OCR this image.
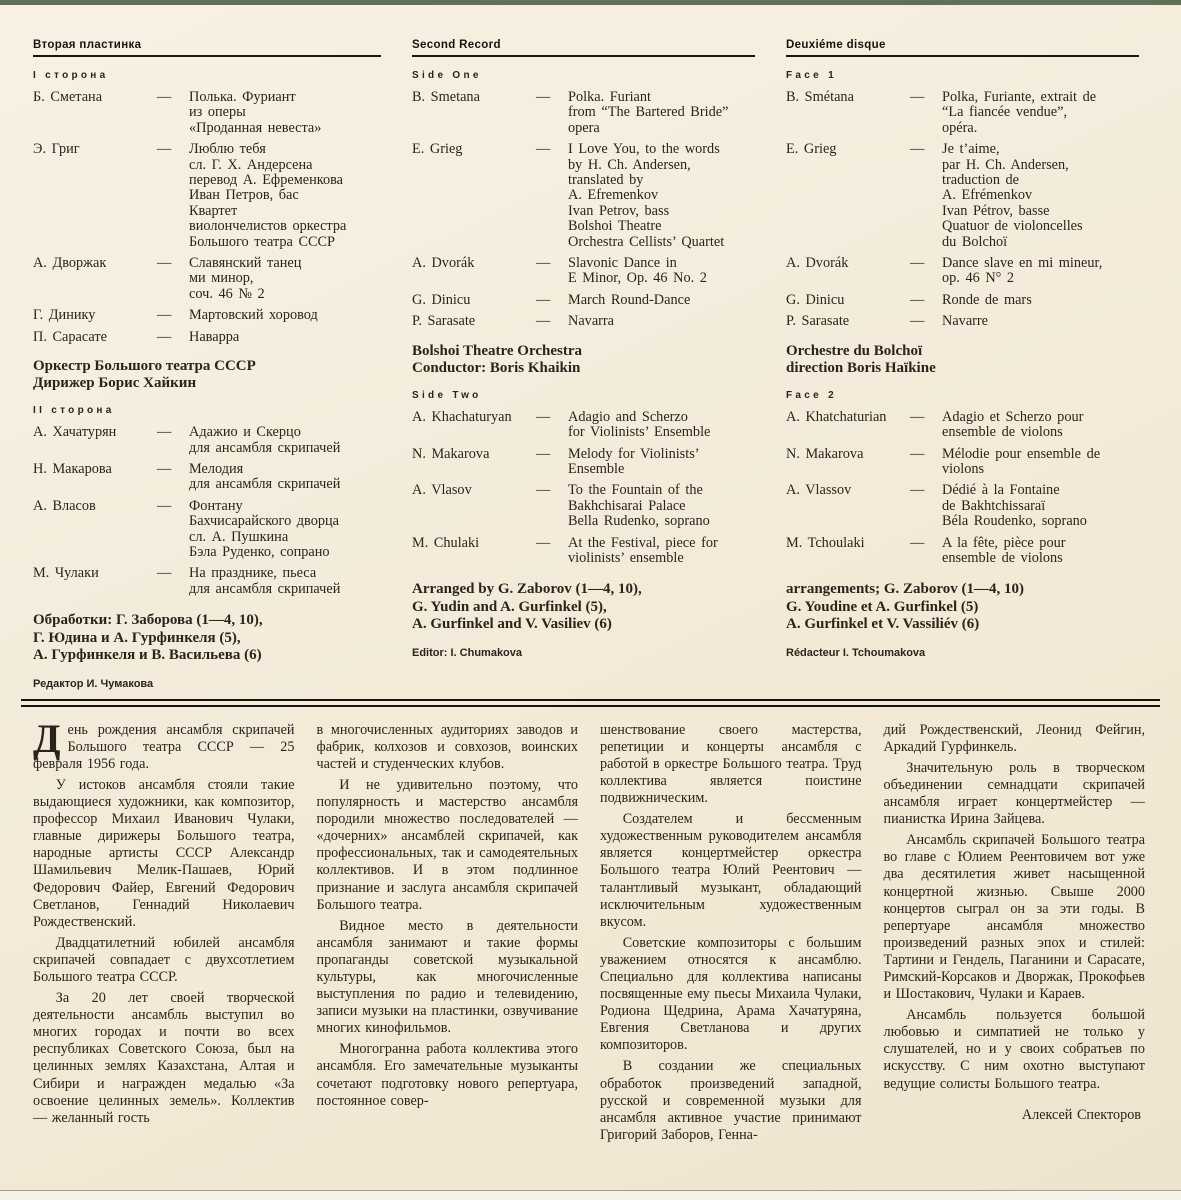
Вторая пластинка
I сторона
Б. Сметана	—	Полька. Фуриант
из оперы
«Проданная невеста»
Э. Григ	—	Люблю тебя
сл. Г. Х. Андерсена
перевод А. Ефременкова
Иван Петров, бас
Квартет
виолончелистов оркестра
Большого театра СССР
А. Дворжак	—	Славянский танец
ми минор,
соч. 46 № 2
Г. Динику	—	Мартовский хоровод
П. Сарасате	—	Наварра
Оркестр Большого театра СССР
Дирижер Борис Хайкин
II сторона
А. Хачатурян	—	Адажио и Скерцо
для ансамбля скрипачей
Н. Макарова	—	Мелодия
для ансамбля скрипачей
А. Власов	—	Фонтану
Бахчисарайского дворца
сл. А. Пушкина
Бэла Руденко, сопрано
М. Чулаки	—	На празднике, пьеса
для ансамбля скрипачей
Обработки: Г. Заборова (1—4, 10),
Г. Юдина и А. Гурфинкеля (5),
А. Гурфинкеля и В. Васильева (6)
Редактор И. Чумакова
Second Record
Side One
B. Smetana	—	Polka. Furiant
from “The Bartered Bride”
opera
E. Grieg	—	I Love You, to the words
by H. Ch. Andersen,
translated by
A. Efremenkov
Ivan Petrov, bass
Bolshoi Theatre
Orchestra Cellists’ Quartet
A. Dvorák	—	Slavonic Dance in
E Minor, Op. 46 No. 2
G. Dinicu	—	March Round-Dance
P. Sarasate	—	Navarra
Bolshoi Theatre Orchestra
Conductor: Boris Khaikin
Side Two
A. Khachaturyan	—	Adagio and Scherzo
for Violinists’ Ensemble
N. Makarova	—	Melody for Violinists’
Ensemble
A. Vlasov	—	To the Fountain of the
Bakhchisarai Palace
Bella Rudenko, soprano
M. Chulaki	—	At the Festival, piece for
violinists’ ensemble
Arranged by G. Zaborov (1—4, 10),
G. Yudin and A. Gurfinkel (5),
A. Gurfinkel and V. Vasiliev (6)
Editor: I. Chumakova
Deuxiéme disque
Face 1
B. Smétana	—	Polka, Furiante, extrait de
“La fiancée vendue”,
opéra.
E. Grieg	—	Je t’aime,
par H. Ch. Andersen,
traduction de
A. Efrémenkov
Ivan Pétrov, basse
Quatuor de violoncelles
du Bolchoï
A. Dvorák	—	Dance slave en mi mineur,
op. 46 N° 2
G. Dinicu	—	Ronde de mars
P. Sarasate	—	Navarre
Orchestre du Bolchoï
direction Boris Haïkine
Face 2
A. Khatchaturian	—	Adagio et Scherzo pour
ensemble de violons
N. Makarova	—	Mélodie pour ensemble de
violons
A. Vlassov	—	Dédié à la Fontaine
de Bakhtchissaraï
Béla Roudenko, soprano
M. Tchoulaki	—	A la fête, pièce pour
ensemble de violons
arrangements; G. Zaborov (1—4, 10)
G. Youdine et A. Gurfinkel (5)
A. Gurfinkel et V. Vassiliév (6)
Rédacteur I. Tchoumakova

День рождения ансамбля скрипачей Большого театра СССР — 25 февраля 1956 года.

У истоков ансамбля стояли такие выдающиеся художники, как композитор, профессор Михаил Иванович Чулаки, главные дирижеры Большого театра, народные артисты СССР Александр Шамильевич Мелик-Пашаев, Юрий Федорович Файер, Евгений Федорович Светланов, Геннадий Николаевич Рождественский.

Двадцатилетний юбилей ансамбля скрипачей совпадает с двухсотлетием Большого театра СССР.

За 20 лет своей творческой деятельности ансамбль выступил во многих городах и почти во всех республиках Советского Союза, был на целинных землях Казахстана, Алтая и Сибири и награжден медалью «За освоение целинных земель». Коллектив — желанный гость

в многочисленных аудиториях заводов и фабрик, колхозов и совхозов, воинских частей и студенческих клубов.

И не удивительно поэтому, что популярность и мастерство ансамбля породили множество последователей — «дочерних» ансамблей скрипачей, как профессиональных, так и самодеятельных коллективов. И в этом подлинное признание и заслуга ансамбля скрипачей Большого театра.

Видное место в деятельности ансамбля занимают и такие формы пропаганды советской музыкальной культуры, как многочисленные выступления по радио и телевидению, записи музыки на пластинки, озвучивание многих кинофильмов.

Многогранна работа коллектива этого ансамбля. Его замечательные музыканты сочетают подготовку нового репертуара, постоянное совер-

шенствование своего мастерства, репетиции и концерты ансамбля с работой в оркестре Большого театра. Труд коллектива является поистине подвижническим.

Создателем и бессменным художественным руководителем ансамбля является концертмейстер оркестра Большого театра Юлий Реентович — талантливый музыкант, обладающий исключительным художественным вкусом.

Советские композиторы с большим уважением относятся к ансамблю. Специально для коллектива написаны посвященные ему пьесы Михаила Чулаки, Родиона Щедрина, Арама Хачатуряна, Евгения Светланова и других композиторов.

В создании же специальных обработок произведений западной, русской и современной музыки для ансамбля активное участие принимают Григорий Заборов, Генна-

дий Рождественский, Леонид Фейгин, Аркадий Гурфинкель.

Значительную роль в творческом объединении семнадцати скрипачей ансамбля играет концертмейстер — пианистка Ирина Зайцева.

Ансамбль скрипачей Большого театра во главе с Юлием Реентовичем вот уже два десятилетия живет насыщенной концертной жизнью. Свыше 2000 концертов сыграл он за эти годы. В репертуаре ансамбля множество произведений разных эпох и стилей: Тартини и Гендель, Паганини и Сарасате, Римский-Корсаков и Дворжак, Прокофьев и Шостакович, Чулаки и Караев.

Ансамбль пользуется большой любовью и симпатией не только у слушателей, но и у своих собратьев по искусству. С ним охотно выступают ведущие солисты Большого театра.

Алексей Спекторов
